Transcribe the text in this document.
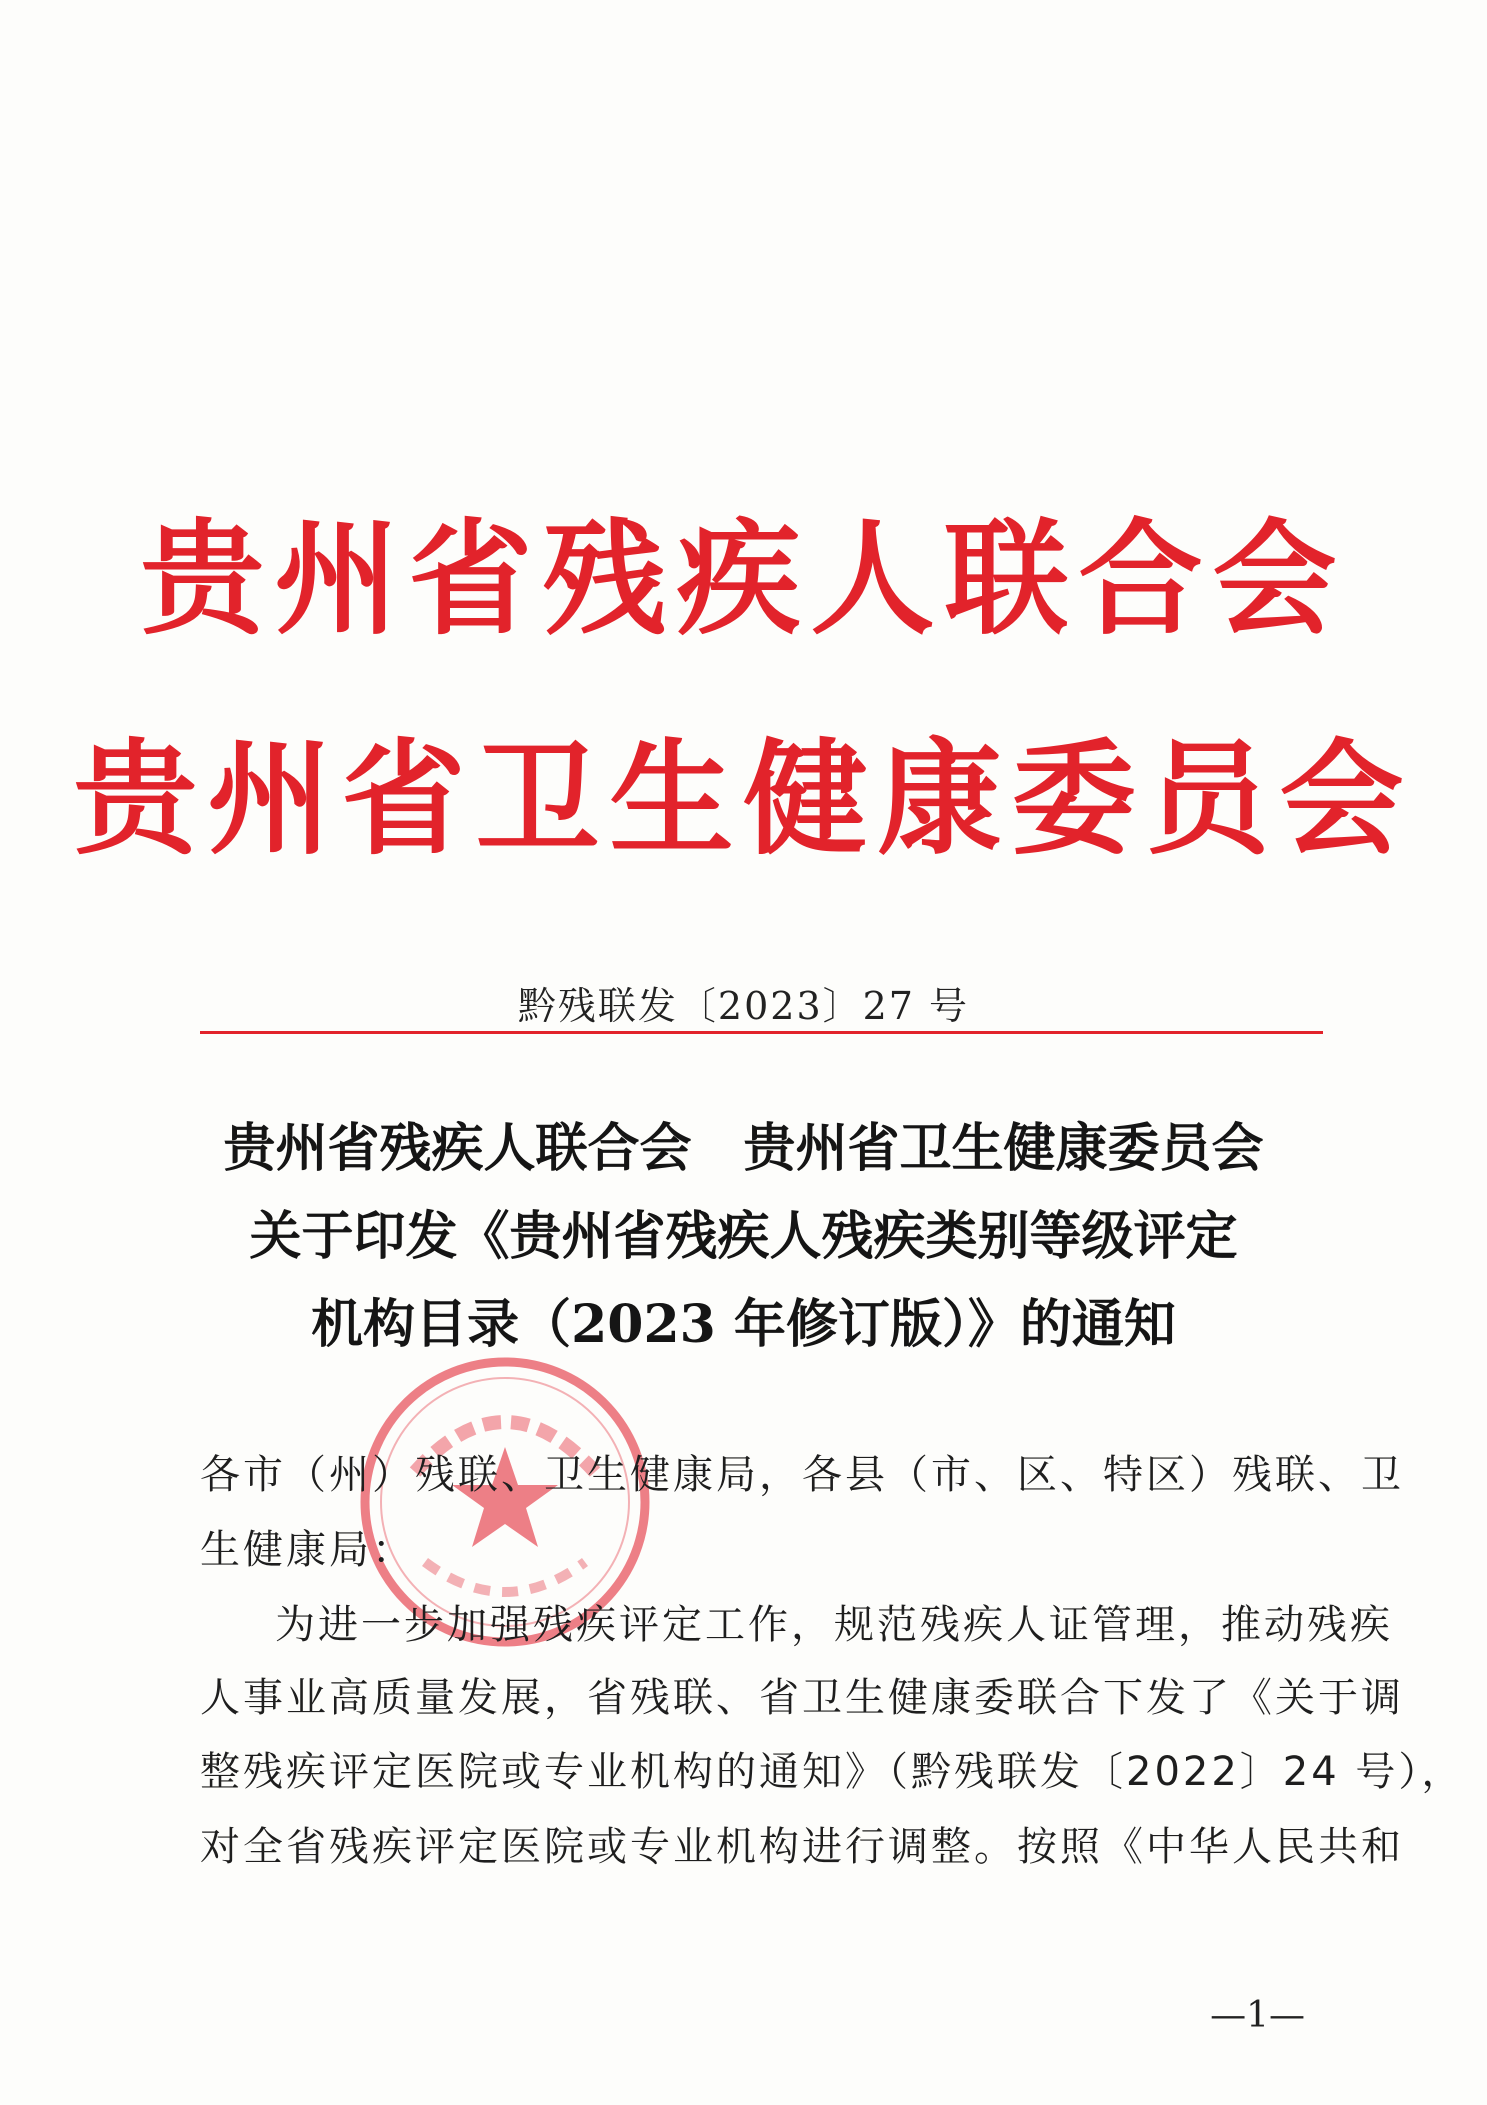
贵州省残疾人联合会
贵州省卫生健康委员会
黔残联发〔2023〕27 号
贵州省残疾人联合会 贵州省卫生健康委员会
关于印发《贵州省残疾人残疾类别等级评定
机构目录（2023 年修订版）》的通知
各市（州）残联、卫生健康局，各县（市、区、特区）残联、卫
生健康局：
为进一步加强残疾评定工作，规范残疾人证管理，推动残疾
人事业高质量发展，省残联、省卫生健康委联合下发了《关于调
整残疾评定医院或专业机构的通知》（黔残联发〔2022〕24 号），
对全省残疾评定医院或专业机构进行调整。按照《中华人民共和
—1—
